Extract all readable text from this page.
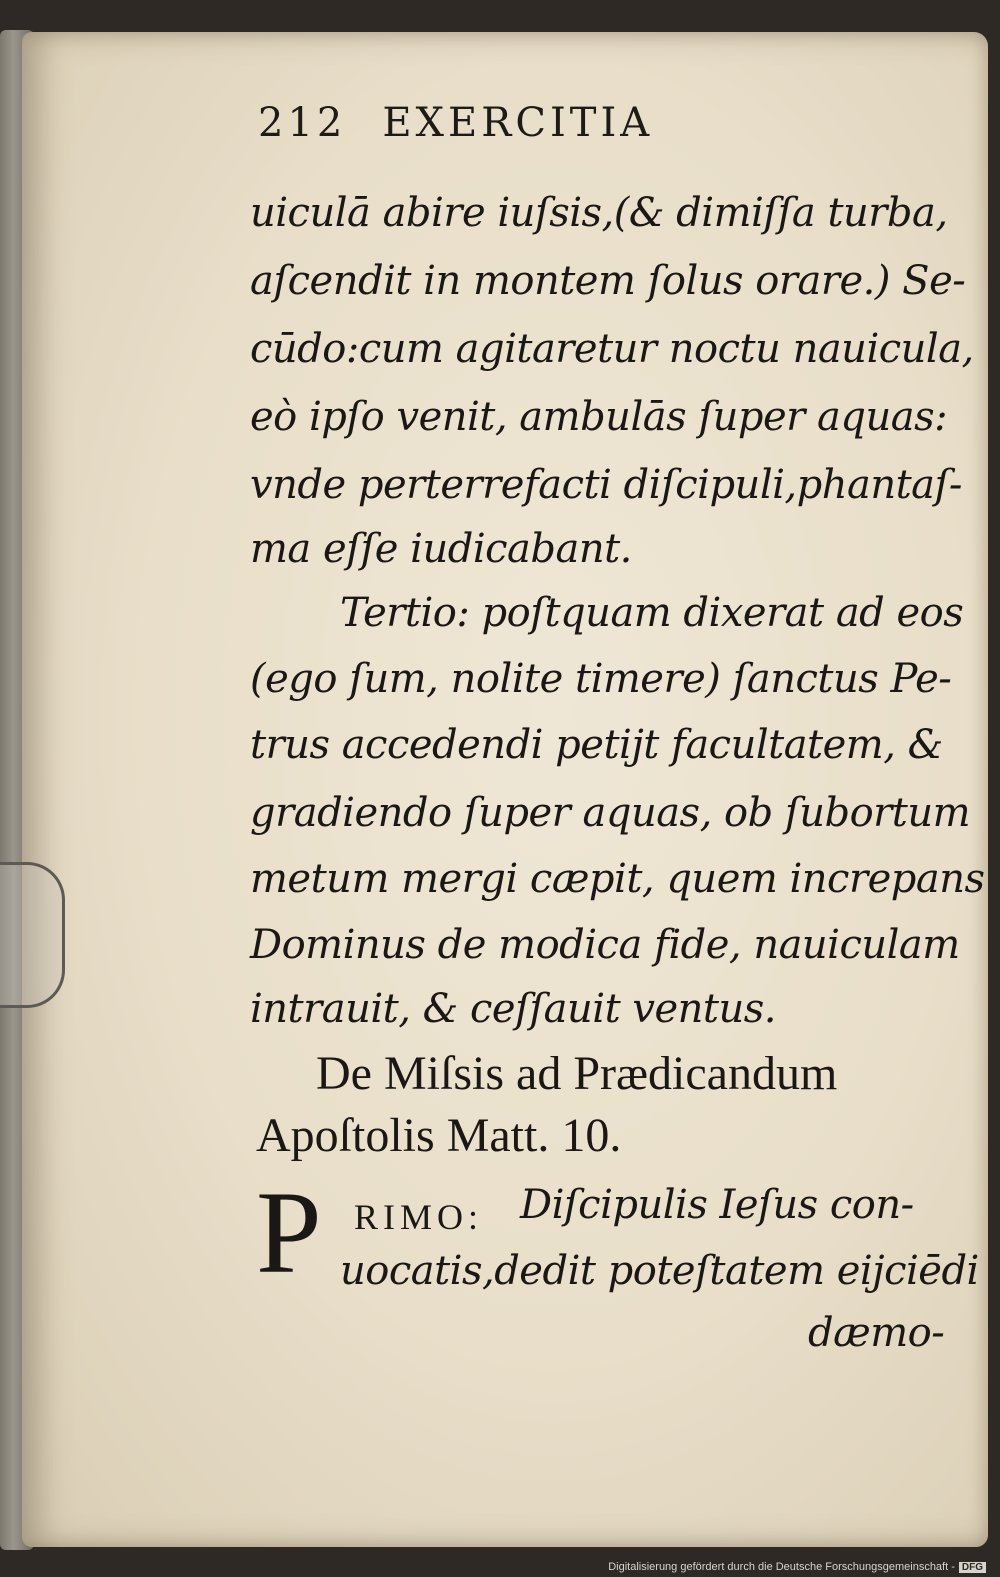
212 EXERCITIA
uiculā abire iuſsis,(& dimiſſa turba,
aſcendit in montem ſolus orare.) Se-
cūdo:cum agitaretur noctu nauicula,
eò ipſo venit, ambulās ſuper aquas:
vnde perterrefacti diſcipuli,phantaſ-
ma eſſe iudicabant.
Tertio: poſtquam dixerat ad eos
(ego ſum, nolite timere) ſanctus Pe-
trus accedendi petijt facultatem, &
gradiendo ſuper aquas, ob ſubortum
metum mergi cæpit, quem increpans
Dominus de modica fide, nauiculam
intrauit, & ceſſauit ventus.
De Miſsis ad Prædicandum
Apoſtolis Matt. 10.
P RIMO: Diſcipulis Ieſus con-
uocatis,dedit poteſtatem eijciēdi
dæmo-
Digitalisierung gefördert durch die Deutsche Forschungsgemeinschaft - DFG
